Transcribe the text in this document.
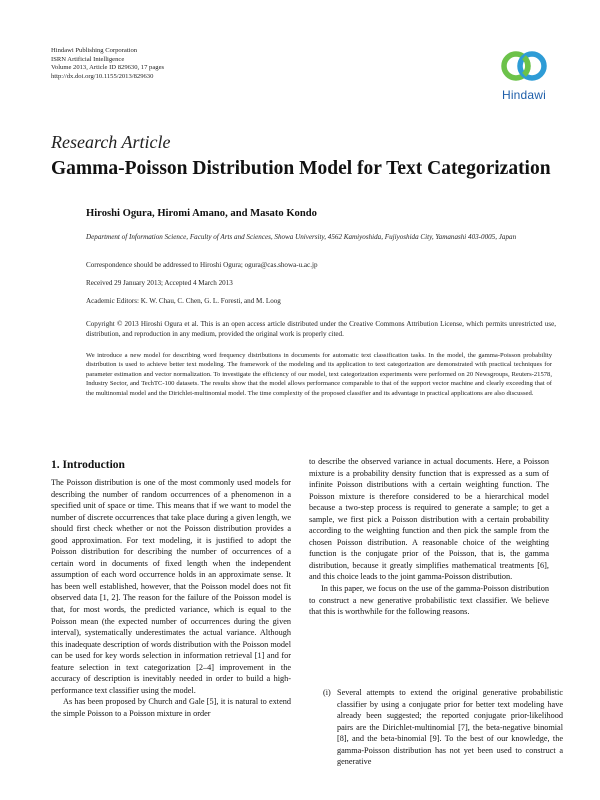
Hindawi Publishing Corporation
ISRN Artificial Intelligence
Volume 2013, Article ID 829630, 17 pages
http://dx.doi.org/10.1155/2013/829630
Hindawi
Research Article
Gamma-Poisson Distribution Model for Text Categorization
Hiroshi Ogura, Hiromi Amano, and Masato Kondo
Department of Information Science, Faculty of Arts and Sciences, Showa University, 4562 Kamiyoshida, Fujiyoshida City, Yamanashi 403-0005, Japan
Correspondence should be addressed to Hiroshi Ogura; ogura@cas.showa-u.ac.jp
Received 29 January 2013; Accepted 4 March 2013
Academic Editors: K. W. Chau, C. Chen, G. L. Foresti, and M. Loog
Copyright © 2013 Hiroshi Ogura et al. This is an open access article distributed under the Creative Commons Attribution License, which permits unrestricted use, distribution, and reproduction in any medium, provided the original work is properly cited.
We introduce a new model for describing word frequency distributions in documents for automatic text classification tasks. In the model, the gamma-Poisson probability distribution is used to achieve better text modeling. The framework of the modeling and its application to text categorization are demonstrated with practical techniques for parameter estimation and vector normalization. To investigate the efficiency of our model, text categorization experiments were performed on 20 Newsgroups, Reuters-21578, Industry Sector, and TechTC-100 datasets. The results show that the model allows performance comparable to that of the support vector machine and clearly exceeding that of the multinomial model and the Dirichlet-multinomial model. The time complexity of the proposed classifier and its advantage in practical applications are also discussed.
1. Introduction

The Poisson distribution is one of the most commonly used models for describing the number of random occurrences of a phenomenon in a specified unit of space or time. This means that if we want to model the number of discrete occurrences that take place during a given length, we should first check whether or not the Poisson distribution provides a good approximation. For text modeling, it is justified to adopt the Poisson distribution for describing the number of occurrences of a certain word in documents of fixed length when the independent assumption of each word occurrence holds in an approximate sense. It has been well established, however, that the Poisson model does not fit observed data [1, 2]. The reason for the failure of the Poisson model is that, for most words, the predicted variance, which is equal to the Poisson mean (the expected number of occurrences during the given interval), systematically underestimates the actual variance. Although this inadequate description of words distribution with the Poisson model can be used for key words selection in information retrieval [1] and for feature selection in text categorization [2–4] improvement in the accuracy of description is inevitably needed in order to build a high-performance text classifier using the model.

As has been proposed by Church and Gale [5], it is natural to extend the simple Poisson to a Poisson mixture in order

to describe the observed variance in actual documents. Here, a Poisson mixture is a probability density function that is expressed as a sum of infinite Poisson distributions with a certain weighting function. The Poisson mixture is therefore considered to be a hierarchical model because a two-step process is required to generate a sample; to get a sample, we first pick a Poisson distribution with a certain probability according to the weighting function and then pick the sample from the chosen Poisson distribution. A reasonable choice of the weighting function is the conjugate prior of the Poisson, that is, the gamma distribution, because it greatly simplifies mathematical treatments [6], and this choice leads to the joint gamma-Poisson distribution.

In this paper, we focus on the use of the gamma-Poisson distribution to construct a new generative probabilistic text classifier. We believe that this is worthwhile for the following reasons.

(i) Several attempts to extend the original generative probabilistic classifier by using a conjugate prior for better text modeling have already been suggested; the reported conjugate prior-likelihood pairs are the Dirichlet-multinomial [7], the beta-negative binomial [8], and the beta-binomial [9]. To the best of our knowledge, the gamma-Poisson distribution has not yet been used to construct a generative
